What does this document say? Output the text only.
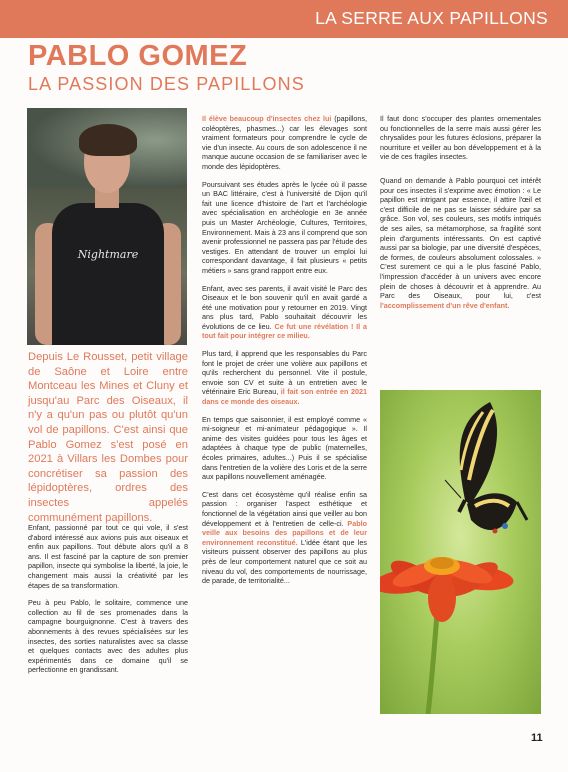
LA SERRE AUX PAPILLONS
PABLO GOMEZ
LA PASSION DES PAPILLONS
Nightmare
Depuis Le Rousset, petit village de Saône et Loire entre Montceau les Mines et Cluny et jusqu'au Parc des Oiseaux, il n'y a qu'un pas ou plutôt qu'un vol de papillons. C'est ainsi que Pablo Gomez s'est posé en 2021 à Villars les Dombes pour concrétiser sa passion des lépidoptères, ordres des insectes appelés communément papillons.

Enfant, passionné par tout ce qui vole, il s'est d'abord intéressé aux avions puis aux oiseaux et enfin aux papillons. Tout débute alors qu'il a 8 ans. Il est fasciné par la capture de son premier papillon, insecte qui symbolise la liberté, la joie, le changement mais aussi la créativité par les étapes de sa transformation.

Peu à peu Pablo, le solitaire, commence une collection au fil de ses promenades dans la campagne bourguignonne. C'est à travers des abonnements à des revues spécialisées sur les insectes, des sorties naturalistes avec sa classe et quelques contacts avec des adultes plus expérimentés dans ce domaine qu'il se perfectionne en grandissant.

Il élève beaucoup d'insectes chez lui (papillons, coléoptères, phasmes...) car les élevages sont vraiment formateurs pour comprendre le cycle de vie d'un insecte. Au cours de son adolescence il ne manque aucune occasion de se familiariser avec le monde des lépidoptères.

Poursuivant ses études après le lycée où il passe un BAC littéraire, c'est à l'université de Dijon qu'il fait une licence d'histoire de l'art et l'archéologie avec spécialisation en archéologie en 3e année puis un Master Archéologie, Cultures, Territoires, Environnement. Mais à 23 ans il comprend que son avenir professionnel ne passera pas par l'étude des vestiges. En attendant de trouver un emploi lui correspondant davantage, il fait plusieurs « petits métiers » sans grand rapport entre eux.

Enfant, avec ses parents, il avait visité le Parc des Oiseaux et le bon souvenir qu'il en avait gardé a été une motivation pour y retourner en 2019. Vingt ans plus tard, Pablo souhaitait découvrir les évolutions de ce lieu. Ce fut une révélation ! Il a tout fait pour intégrer ce milieu.

Plus tard, il apprend que les responsables du Parc font le projet de créer une volière aux papillons et qu'ils recherchent du personnel. Vite il postule, envoie son CV et suite à un entretien avec le vétérinaire Eric Bureau, il fait son entrée en 2021 dans ce monde des oiseaux.

En temps que saisonnier, il est employé comme « mi-soigneur et mi-animateur pédagogique ». Il anime des visites guidées pour tous les âges et adaptées à chaque type de public (maternelles, écoles primaires, adultes...) Puis il se spécialise dans l'entretien de la volière des Loris et de la serre aux papillons nouvellement aménagée.

C'est dans cet écosystème qu'il réalise enfin sa passion : organiser l'aspect esthétique et fonctionnel de la végétation ainsi que veiller au bon développement et à l'entretien de celle-ci. Pablo veille aux besoins des papillons et de leur environnement reconstitué. L'idée étant que les visiteurs puissent observer des papillons au plus près de leur comportement naturel que ce soit au niveau du vol, des comportements de nourrissage, de parade, de territorialité...

Il faut donc s'occuper des plantes ornementales ou fonctionnelles de la serre mais aussi gérer les chrysalides pour les futures éclosions, préparer la nourriture et veiller au bon développement et à la vie de ces fragiles insectes.

Quand on demande à Pablo pourquoi cet intérêt pour ces insectes il s'exprime avec émotion : « Le papillon est intrigant par essence, il attire l'œil et c'est difficile de ne pas se laisser séduire par sa grâce. Son vol, ses couleurs, ses motifs intriqués de ses ailes, sa métamorphose, sa fragilité sont plein d'arguments intéressants. On est captivé aussi par sa biologie, par une diversité d'espèces, de formes, de couleurs absolument colossales. » C'est surement ce qui a le plus fasciné Pablo, l'impression d'accéder à un univers avec encore plein de choses à découvrir et à apprendre. Au Parc des Oiseaux, pour lui, c'est l'accomplissement d'un rêve d'enfant.

11
